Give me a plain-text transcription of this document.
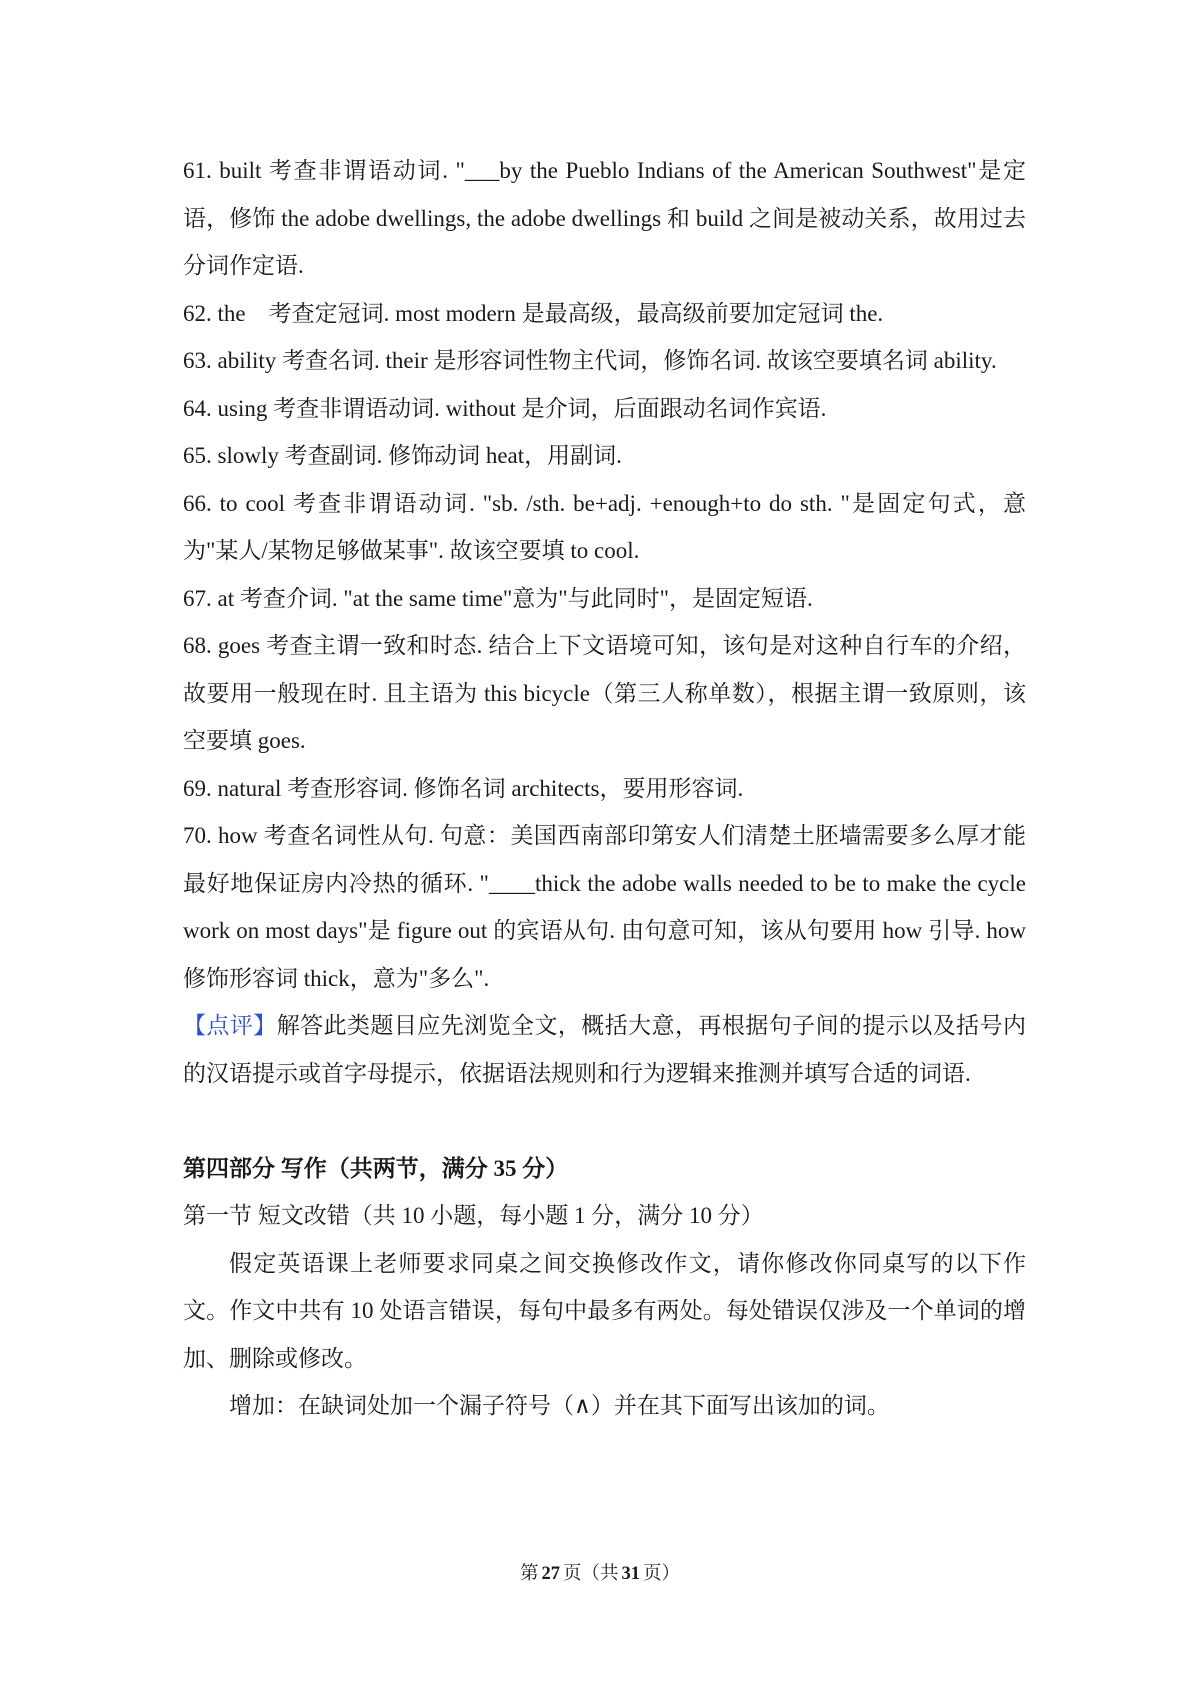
61. built 考查非谓语动词. "___by the Pueblo Indians of the American Southwest"是定语，修饰 the adobe dwellings, the adobe dwellings 和 build 之间是被动关系，故用过去分词作定语.

62. the　考查定冠词. most modern 是最高级，最高级前要加定冠词 the.

63. ability 考查名词. their 是形容词性物主代词，修饰名词. 故该空要填名词 ability.

64. using 考查非谓语动词. without 是介词，后面跟动名词作宾语.

65. slowly 考查副词. 修饰动词 heat，用副词.

66. to cool 考查非谓语动词. "sb. /sth. be+adj. +enough+to do sth. "是固定句式，意为"某人/某物足够做某事". 故该空要填 to cool.

67. at 考查介词. "at the same time"意为"与此同时"，是固定短语.

68. goes 考查主谓一致和时态. 结合上下文语境可知，该句是对这种自行车的介绍，故要用一般现在时. 且主语为 this bicycle（第三人称单数），根据主谓一致原则，该空要填 goes.

69. natural 考查形容词. 修饰名词 architects，要用形容词.

70. how 考查名词性从句. 句意：美国西南部印第安人们清楚土胚墙需要多么厚才能最好地保证房内冷热的循环. "____thick the adobe walls needed to be to make the cycle work on most days"是 figure out 的宾语从句. 由句意可知，该从句要用 how 引导. how 修饰形容词 thick，意为"多么".

【点评】解答此类题目应先浏览全文，概括大意，再根据句子间的提示以及括号内的汉语提示或首字母提示，依据语法规则和行为逻辑来推测并填写合适的词语.

第四部分 写作（共两节，满分 35 分）

第一节 短文改错（共 10 小题，每小题 1 分，满分 10 分）

假定英语课上老师要求同桌之间交换修改作文，请你修改你同桌写的以下作文。作文中共有 10 处语言错误，每句中最多有两处。每处错误仅涉及一个单词的增加、删除或修改。

增加：在缺词处加一个漏子符号（∧）并在其下面写出该加的词。

第 27 页（共 31 页）
